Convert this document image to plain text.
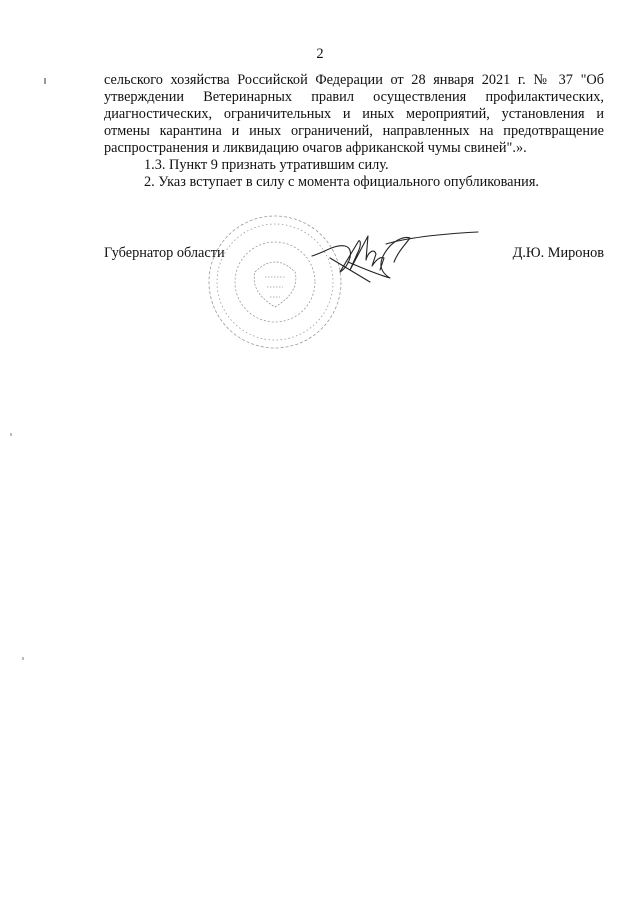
2

сельского хозяйства Российской Федерации от 28 января 2021 г. № 37 "Об утверждении Ветеринарных правил осуществления профилактических, диагностических, ограничительных и иных мероприятий, установления и отмены карантина и иных ограничений, направленных на предотвращение распространения и ликвидацию очагов африканской чумы свиней".».

1.3. Пункт 9 признать утратившим силу.

2. Указ вступает в силу с момента официального опубликования.

Губернатор области	Д.Ю. Миронов
